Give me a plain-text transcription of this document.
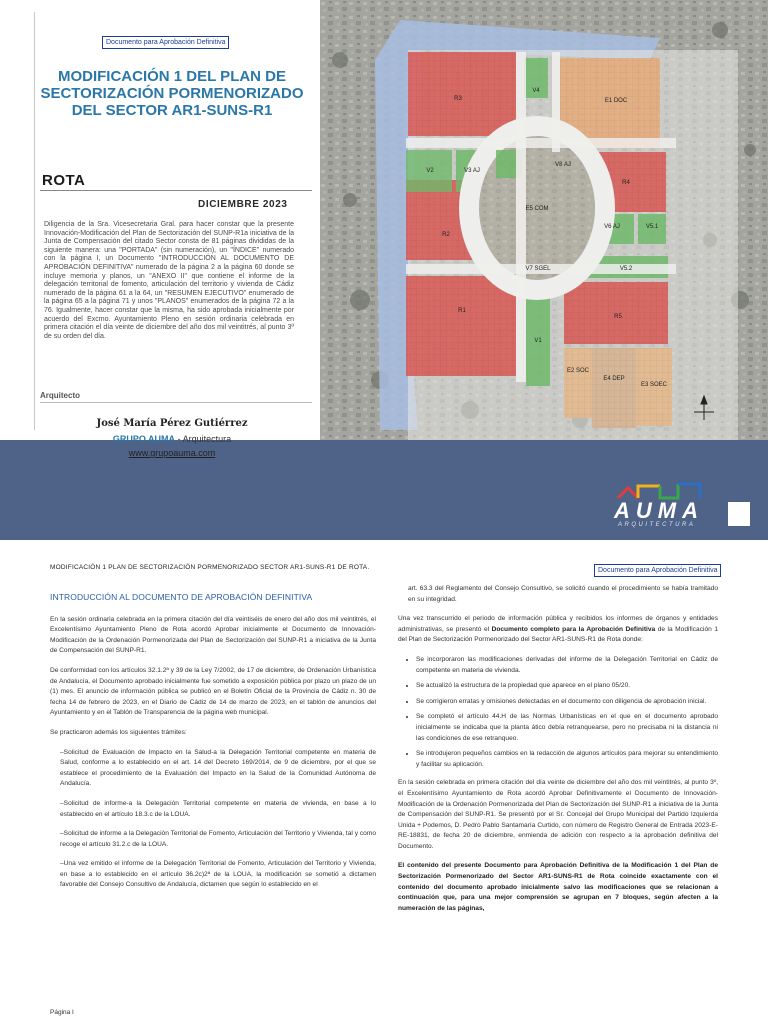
Documento para Aprobación Definitiva
MODIFICACIÓN 1 DEL PLAN DE SECTORIZACIÓN PORMENORIZADO DEL SECTOR AR1-SUNS-R1
ROTA
DICIEMBRE 2023
Diligencia de la Sra. Vicesecretaria Gral. para hacer constar que la presente Innovación-Modificación del Plan de Sectorización del SUNP-R1a iniciativa de la Junta de Compensación del citado Sector consta de 81 páginas divididas de la siguiente manera: una "PORTADA" (sin numeración), un "ÍNDICE" numerado con la página I, un Documento "INTRODUCCIÓN AL DOCUMENTO DE APROBACIÓN DEFINITIVA" numerado de la página 2 a la página 60 donde se incluye memoria y planos, un "ANEXO II" que contiene el informe de la delegación territorial de fomento, articulación del territorio y vivienda de Cádiz numerado de la página 61 a la 64, un "RESUMEN EJECUTIVO" enumerado de la página 65 a la página 71 y unos "PLANOS" enumerados de la página 72 a la 76. Igualmente, hacer constar que la misma, ha sido aprobada inicialmente por acuerdo del Excmo. Ayuntamiento Pleno en sesión ordinaria celebrada en primera citación el día veinte de diciembre del año dos mil veintitrés, al punto 3º de su orden del día.
Arquitecto
José María Pérez Gutiérrez
GRUPO AUMA - Arquitectura
www.grupoauma.com
R3
V4
E1 DOC
V8 AJ
R4
V2	V3 AJ
E5 COM
R2
V6 AJ	V5.1
V7 SGEL	V5.2
R1
V1
R5
E2 SOC
E4 DEP
E3 SOEC
AUMA
ARQUITECTURA
MODIFICACIÓN 1 PLAN DE SECTORIZACIÓN PORMENORIZADO SECTOR AR1-SUNS-R1 DE ROTA.	Documento para Aprobación Definitiva

INTRODUCCIÓN AL DOCUMENTO DE APROBACIÓN DEFINITIVA

En la sesión ordinaria celebrada en la primera citación del día veintiséis de enero del año dos mil veintitrés, el Excelentísimo Ayuntamiento Pleno de Rota acordó Aprobar inicialmente el Documento de Innovación-Modificación de la Ordenación Pormenorizada del Plan de Sectorización del SUNP-R1 a iniciativa de la Junta de Compensación del SUNP-R1.

De conformidad con los artículos 32.1.2ª y 39 de la Ley 7/2002, de 17 de diciembre, de Ordenación Urbanística de Andalucía, el Documento aprobado inicialmente fue sometido a exposición pública por plazo un plazo de un (1) mes. El anuncio de información pública se publicó en el Boletín Oficial de la Provincia de Cádiz n. 30 de fecha 14 de febrero de 2023, en el Diario de Cádiz de 14 de marzo de 2023, en el tablón de anuncios del Ayuntamiento y en el Tablón de Transparencia de la página web municipal.

Se practicaron además los siguientes trámites:

–Solicitud de Evaluación de Impacto en la Salud-a la Delegación Territorial competente en materia de Salud, conforme a lo establecido en el art. 14 del Decreto 169/2014, de 9 de diciembre, por el que se establece el procedimiento de la Evaluación del Impacto en la Salud de la Comunidad Autónoma de Andalucía.

–Solicitud de informe-a la Delegación Territorial competente en materia de vivienda, en base a lo establecido en el artículo 18.3.c de la LOUA.

–Solicitud de informe a la Delegación Territorial de Fomento, Articulación del Territorio y Vivienda, tal y como recoge el artículo 31.2.c de la LOUA.

–Una vez emitido el informe de la Delegación Territorial de Fomento, Articulación del Territorio y Vivienda, en base a lo establecido en el artículo 36.2c)2ª de la LOUA, la modificación se sometió a dictamen favorable del Consejo Consultivo de Andalucía, dictamen que según lo establecido en el

art. 63.3 del Reglamento del Consejo Consultivo, se solicitó cuando el procedimiento se había tramitado en su integridad.

Una vez transcurrido el periodo de información pública y recibidos los informes de órganos y entidades administrativas, se presentó el Documento completo para la Aprobación Definitiva de la Modificación 1 del Plan de Sectorización Pormenorizado del Sector AR1-SUNS-R1 de Rota donde:

• Se incorporaron las modificaciones derivadas del informe de la Delegación Territorial en Cádiz de competente en materia de vivienda.
• Se actualizó la estructura de la propiedad que aparece en el plano 05/20.
• Se corrigieron erratas y omisiones detectadas en el documento con diligencia de aprobación inicial.
• Se completó el artículo 44.H de las Normas Urbanísticas en el que en el documento aprobado inicialmente se indicaba que la planta ático debía retranquearse, pero no precisaba ni la distancia ni las condiciones de ese retranqueo.
• Se introdujeron pequeños cambios en la redacción de algunos artículos para mejorar su entendimiento y facilitar su aplicación.

En la sesión celebrada en primera citación del día veinte de diciembre del año dos mil veintitrés, al punto 3º, el Excelentísimo Ayuntamiento de Rota acordó Aprobar Definitivamente el Documento de Innovación-Modificación de la Ordenación Pormenorizada del Plan de Sectorización del SUNP-R1 a iniciativa de la Junta de Compensación del SUNP-R1. Se presentó por el Sr. Concejal del Grupo Municipal del Partido Izquierda Unida + Podemos, D. Pedro Pablo Santamaría Curtido, con número de Registro General de Entrada 2023-E-RE-18831, de fecha 20 de diciembre, enmienda de adición con respecto a la aprobación definitiva del Documento.

El contenido del presente Documento para Aprobación Definitiva de la Modificación 1 del Plan de Sectorización Pormenorizado del Sector AR1-SUNS-R1 de Rota coincide exactamente con el contenido del documento aprobado inicialmente salvo las modificaciones que se relacionan a continuación que, para una mejor comprensión se agrupan en 7 bloques, según afecten a la numeración de las páginas,

Página I
